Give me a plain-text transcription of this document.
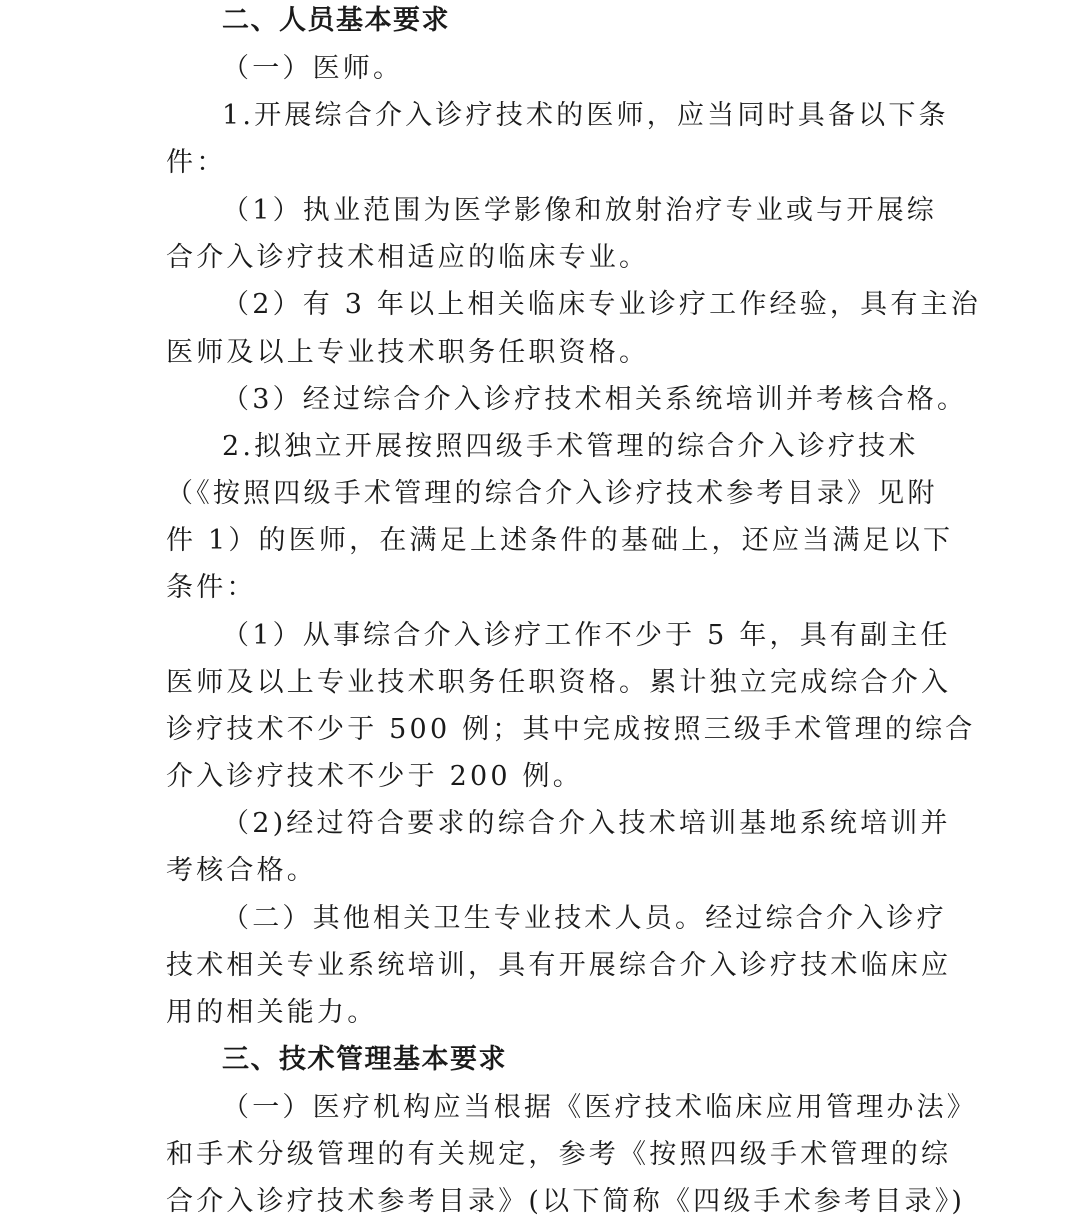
二、人员基本要求
（一）医师。
1.开展综合介入诊疗技术的医师，应当同时具备以下条
件：
（1）执业范围为医学影像和放射治疗专业或与开展综
合介入诊疗技术相适应的临床专业。
（2）有 3 年以上相关临床专业诊疗工作经验，具有主治
医师及以上专业技术职务任职资格。
（3）经过综合介入诊疗技术相关系统培训并考核合格。
2.拟独立开展按照四级手术管理的综合介入诊疗技术
（《按照四级手术管理的综合介入诊疗技术参考目录》见附
件 1）的医师，在满足上述条件的基础上，还应当满足以下
条件：
（1）从事综合介入诊疗工作不少于 5 年，具有副主任
医师及以上专业技术职务任职资格。累计独立完成综合介入
诊疗技术不少于 500 例；其中完成按照三级手术管理的综合
介入诊疗技术不少于 200 例。
（2)经过符合要求的综合介入技术培训基地系统培训并
考核合格。
（二）其他相关卫生专业技术人员。经过综合介入诊疗
技术相关专业系统培训，具有开展综合介入诊疗技术临床应
用的相关能力。
三、技术管理基本要求
（一）医疗机构应当根据《医疗技术临床应用管理办法》
和手术分级管理的有关规定，参考《按照四级手术管理的综
合介入诊疗技术参考目录》(以下简称《四级手术参考目录》)
